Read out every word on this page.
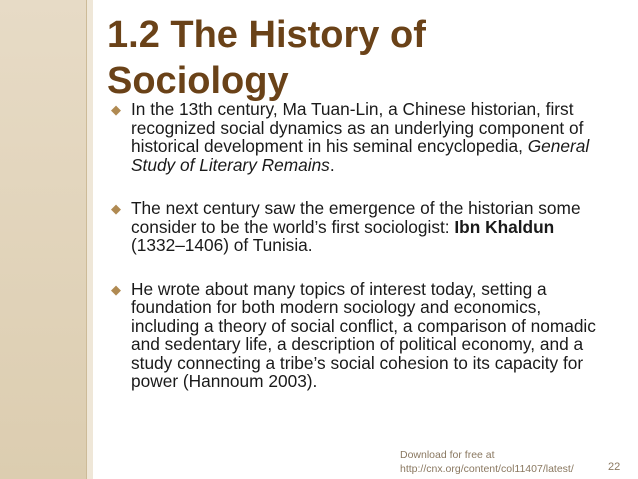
1.2 The History of
Sociology
◆ In the 13th century, Ma Tuan-Lin, a Chinese historian, first recognized social dynamics as an underlying component of historical development in his seminal encyclopedia, General Study of Literary Remains.
◆ The next century saw the emergence of the historian some consider to be the world’s first sociologist: Ibn Khaldun (1332–1406) of Tunisia.
◆ He wrote about many topics of interest today, setting a foundation for both modern sociology and economics, including a theory of social conflict, a comparison of nomadic and sedentary life, a description of political economy, and a study connecting a tribe’s social cohesion to its capacity for power (Hannoum 2003).
Download for free at
http://cnx.org/content/col11407/latest/	22
